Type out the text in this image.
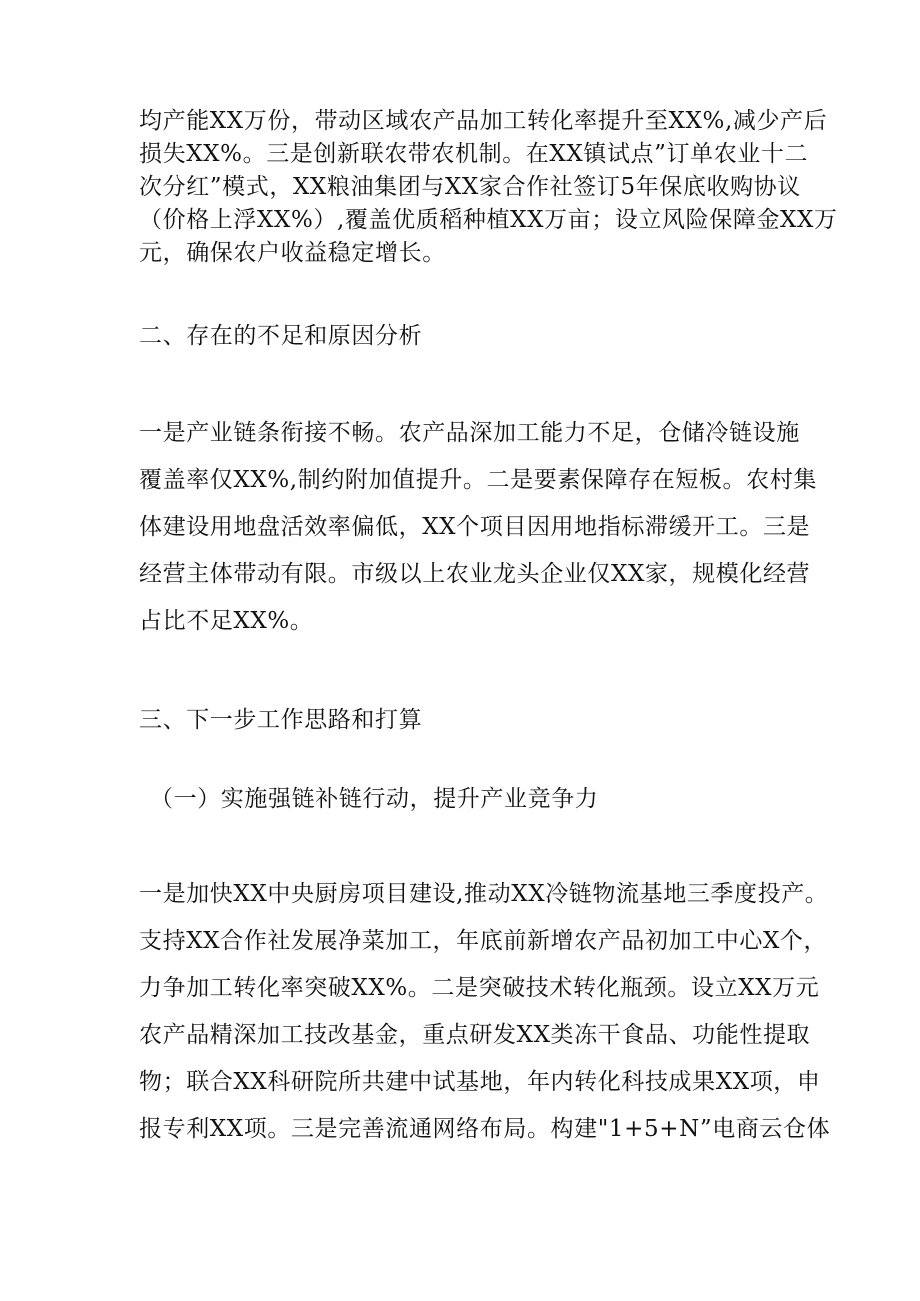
均产能XX万份，带动区域农产品加工转化率提升至XX%,减少产后
损失XX%。三是创新联农带农机制。在XX镇试点”订单农业十二
次分红”模式，XX粮油集团与XX家合作社签订5年保底收购协议
（价格上浮XX%）,覆盖优质稻种植XX万亩；设立风险保障金XX万
元，确保农户收益稳定增长。
二、存在的不足和原因分析
一是产业链条衔接不畅。农产品深加工能力不足，仓储冷链设施
覆盖率仅XX%,制约附加值提升。二是要素保障存在短板。农村集
体建设用地盘活效率偏低，XX个项目因用地指标滞缓开工。三是
经营主体带动有限。市级以上农业龙头企业仅XX家，规模化经营
占比不足XX%。
三、下一步工作思路和打算
（一）实施强链补链行动，提升产业竞争力
一是加快XX中央厨房项目建设,推动XX冷链物流基地三季度投产。
支持XX合作社发展净菜加工，年底前新增农产品初加工中心X个，
力争加工转化率突破XX%。二是突破技术转化瓶颈。设立XX万元
农产品精深加工技改基金，重点研发XX类冻干食品、功能性提取
物；联合XX科研院所共建中试基地，年内转化科技成果XX项，申
报专利XX项。三是完善流通网络布局。构建"1+5+N”电商云仓体
